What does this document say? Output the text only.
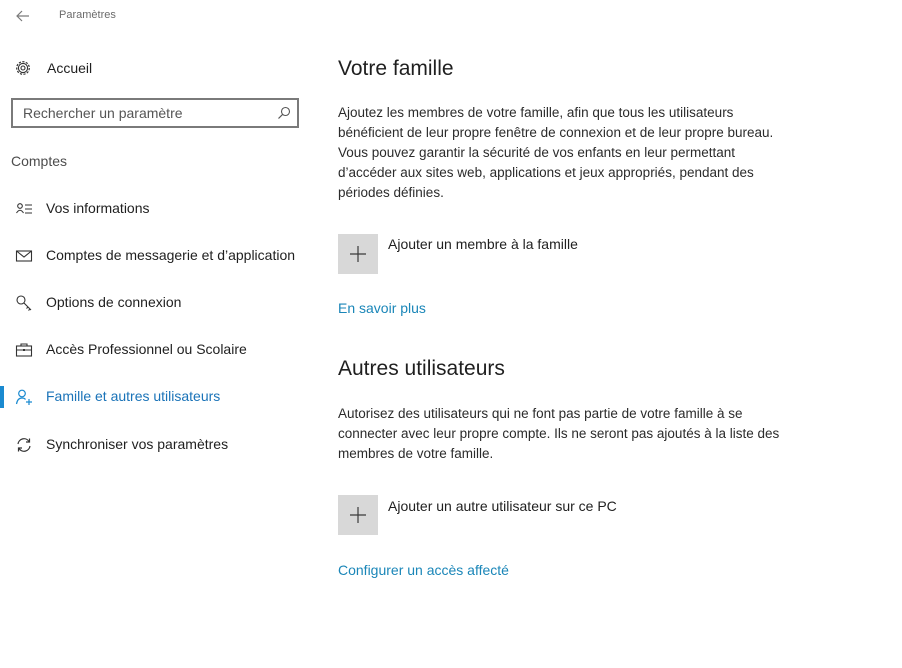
Paramètres
Accueil
Rechercher un paramètre
Comptes
Vos informations
Comptes de messagerie et d’application
Options de connexion
Accès Professionnel ou Scolaire
Famille et autres utilisateurs
Synchroniser vos paramètres
Votre famille

Ajoutez les membres de votre famille, afin que tous les utilisateurs bénéficient de leur propre fenêtre de connexion et de leur propre bureau. Vous pouvez garantir la sécurité de vos enfants en leur permettant d’accéder aux sites web, applications et jeux appropriés, pendant des périodes définies.

Ajouter un membre à la famille
En savoir plus
Autres utilisateurs

Autorisez des utilisateurs qui ne font pas partie de votre famille à se connecter avec leur propre compte. Ils ne seront pas ajoutés à la liste des membres de votre famille.

Ajouter un autre utilisateur sur ce PC
Configurer un accès affecté
